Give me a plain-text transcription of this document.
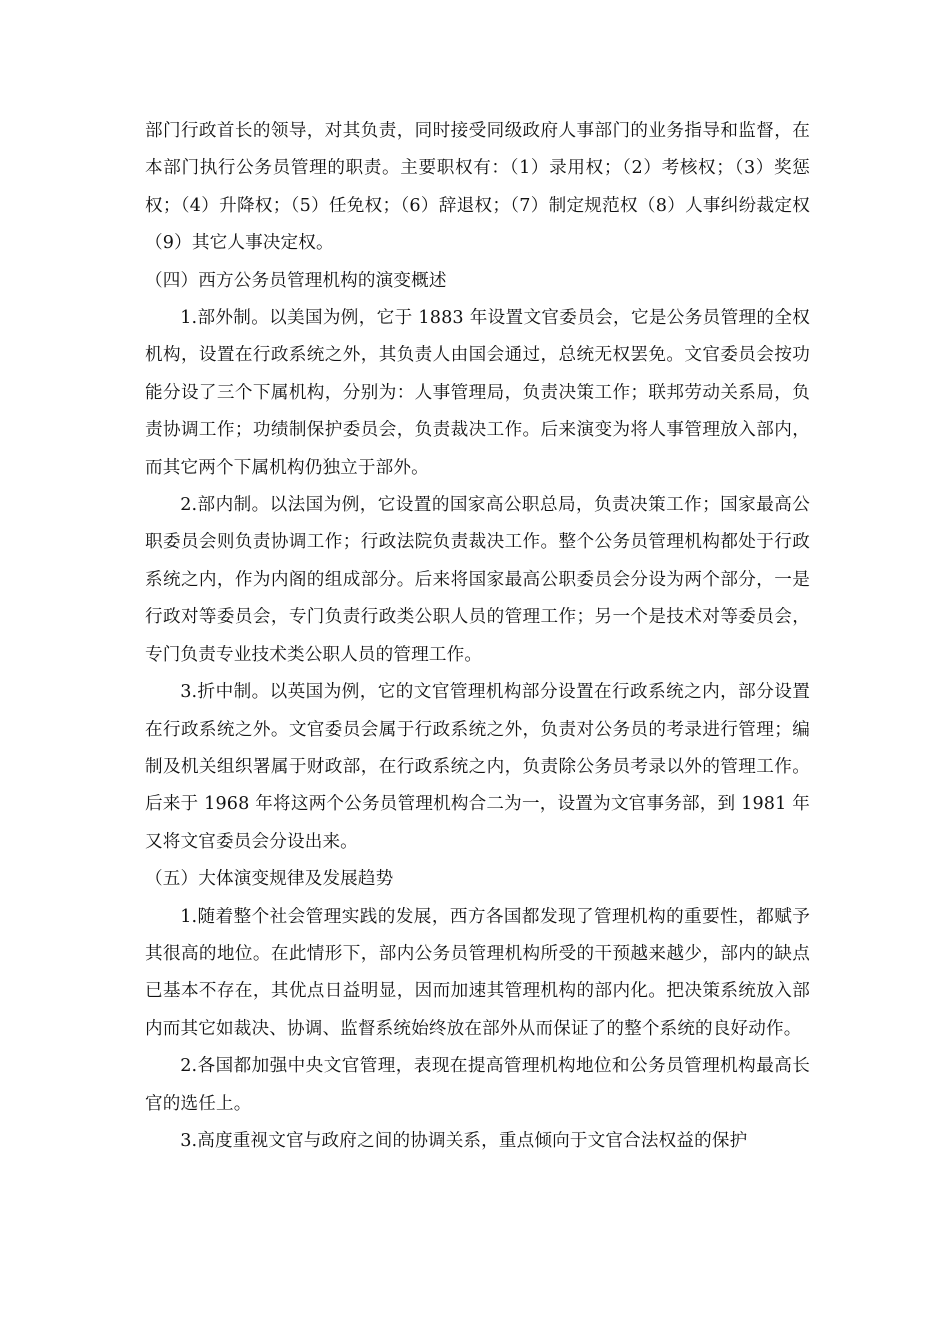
部门行政首长的领导，对其负责，同时接受同级政府人事部门的业务指导和监督，在本部门执行公务员管理的职责。主要职权有：（1）录用权；（2）考核权；（3）奖惩权；（4）升降权；（5）任免权；（6）辞退权；（7）制定规范权（8）人事纠纷裁定权（9）其它人事决定权。

（四）西方公务员管理机构的演变概述

1.部外制。以美国为例，它于 1883 年设置文官委员会，它是公务员管理的全权机构，设置在行政系统之外，其负责人由国会通过，总统无权罢免。文官委员会按功能分设了三个下属机构，分别为：人事管理局，负责决策工作；联邦劳动关系局，负责协调工作；功绩制保护委员会，负责裁决工作。后来演变为将人事管理放入部内，而其它两个下属机构仍独立于部外。

2.部内制。以法国为例，它设置的国家高公职总局，负责决策工作；国家最高公职委员会则负责协调工作；行政法院负责裁决工作。整个公务员管理机构都处于行政系统之内，作为内阁的组成部分。后来将国家最高公职委员会分设为两个部分，一是行政对等委员会，专门负责行政类公职人员的管理工作；另一个是技术对等委员会，专门负责专业技术类公职人员的管理工作。

3.折中制。以英国为例，它的文官管理机构部分设置在行政系统之内，部分设置在行政系统之外。文官委员会属于行政系统之外，负责对公务员的考录进行管理；编制及机关组织署属于财政部，在行政系统之内，负责除公务员考录以外的管理工作。后来于 1968 年将这两个公务员管理机构合二为一，设置为文官事务部，到 1981 年又将文官委员会分设出来。

（五）大体演变规律及发展趋势

1.随着整个社会管理实践的发展，西方各国都发现了管理机构的重要性，都赋予其很高的地位。在此情形下，部内公务员管理机构所受的干预越来越少，部内的缺点已基本不存在，其优点日益明显，因而加速其管理机构的部内化。把决策系统放入部内而其它如裁决、协调、监督系统始终放在部外从而保证了的整个系统的良好动作。

2.各国都加强中央文官管理，表现在提高管理机构地位和公务员管理机构最高长官的选任上。

3.高度重视文官与政府之间的协调关系，重点倾向于文官合法权益的保护
